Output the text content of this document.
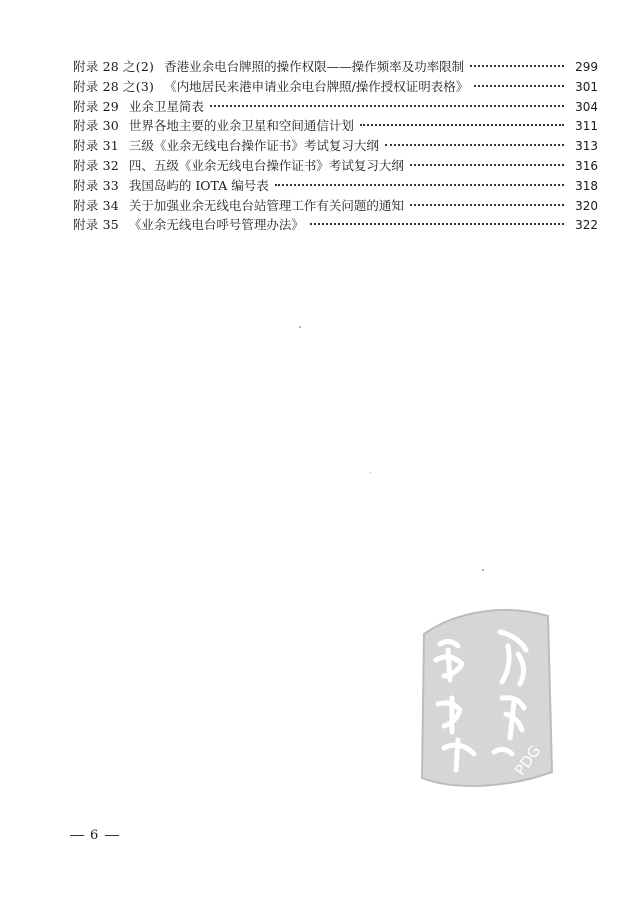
附录 28 之(2) 香港业余电台牌照的操作权限——操作频率及功率限制	299
附录 28 之(3) 《内地居民来港申请业余电台牌照/操作授权证明表格》	301
附录 29 业余卫星简表	304
附录 30 世界各地主要的业余卫星和空间通信计划	311
附录 31 三级《业余无线电台操作证书》考试复习大纲	313
附录 32 四、五级《业余无线电台操作证书》考试复习大纲	316
附录 33 我国岛屿的 IOTA 编号表	318
附录 34 关于加强业余无线电台站管理工作有关问题的通知	320
附录 35 《业余无线电台呼号管理办法》	322
PDG
6
